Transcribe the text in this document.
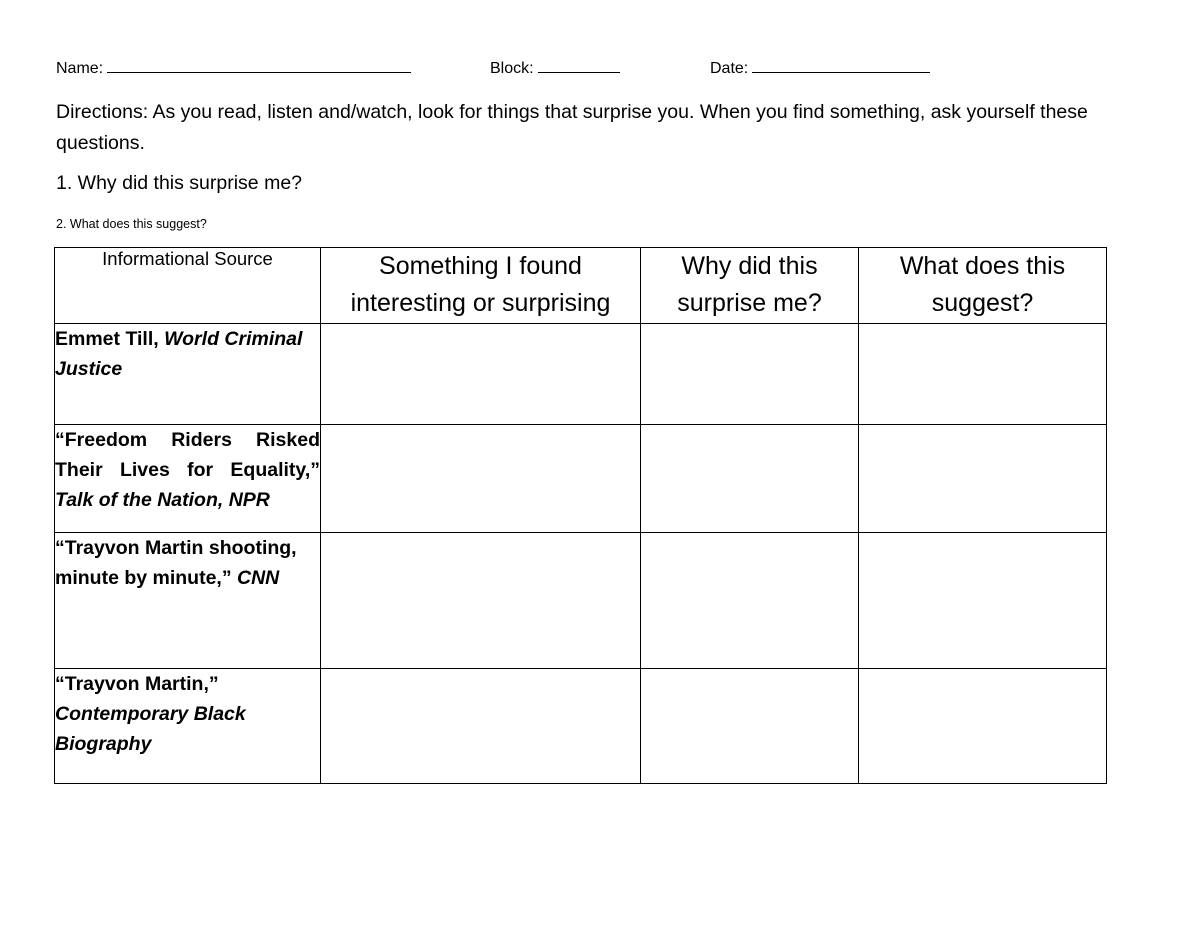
Name:	Block:	Date:
Directions: As you read, listen and/watch, look for things that surprise you. When you find something, ask yourself these questions.
1. Why did this surprise me?
2. What does this suggest?
Informational Source	Something I found interesting or surprising	Why did this surprise me?	What does this suggest?
Emmet Till, World Criminal Justice			
“Freedom Riders Risked Their Lives for Equality,” Talk of the Nation, NPR			
“Trayvon Martin shooting, minute by minute,” CNN			
“Trayvon Martin,” Contemporary Black Biography			
